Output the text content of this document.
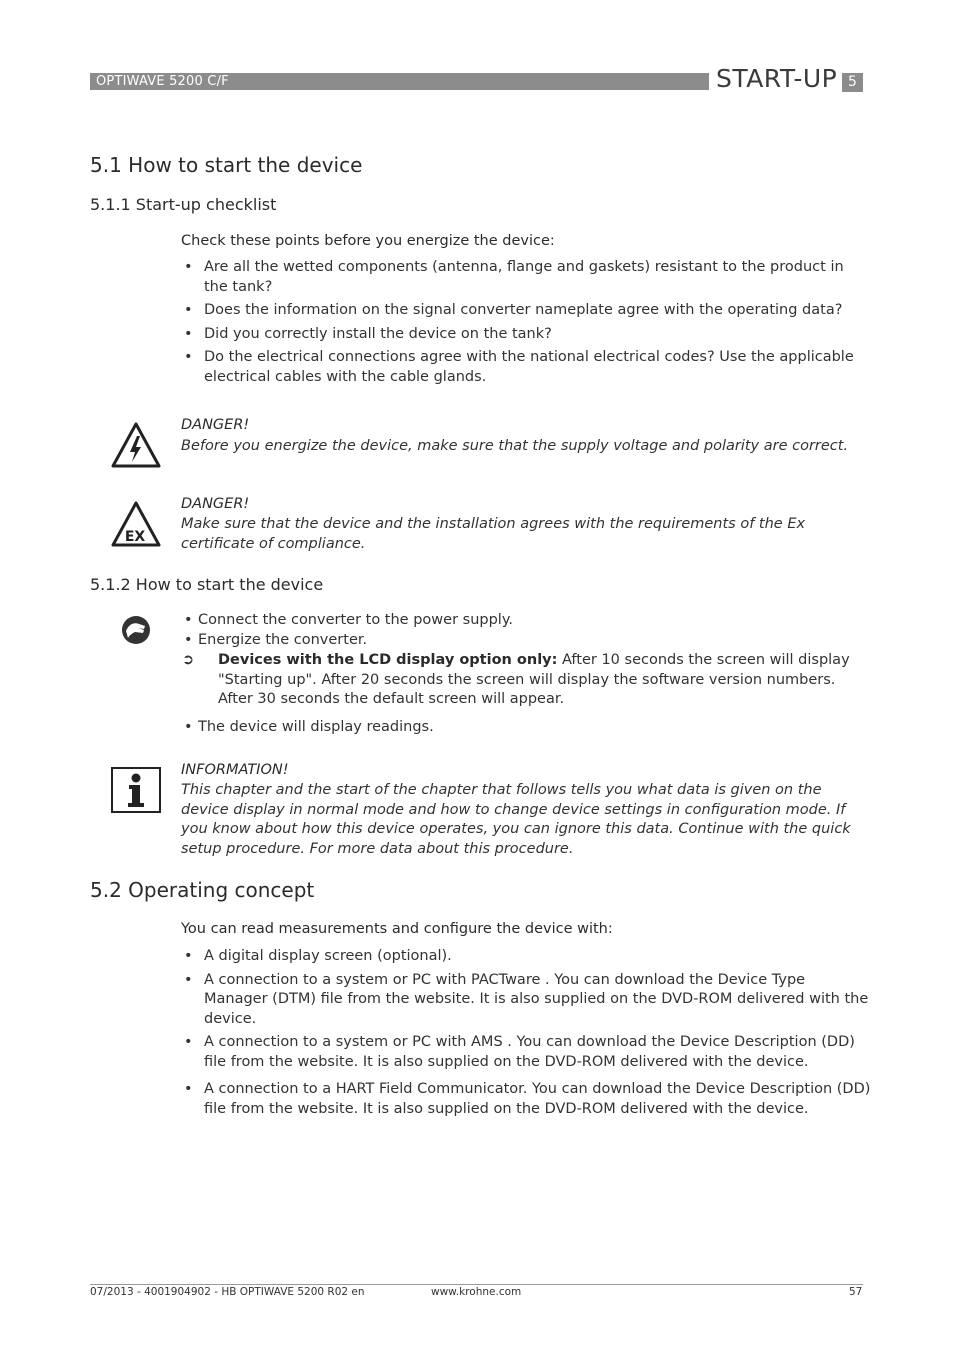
OPTIWAVE 5200 C/F	START-UP 5
5.1 How to start the device
5.1.1 Start-up checklist
Check these points before you energize the device:
• Are all the wetted components (antenna, flange and gaskets) resistant to the product in the tank?
• Does the information on the signal converter nameplate agree with the operating data?
• Did you correctly install the device on the tank?
• Do the electrical connections agree with the national electrical codes? Use the applicable electrical cables with the cable glands.
DANGER!
Before you energize the device, make sure that the supply voltage and polarity are correct.
EX
DANGER!
Make sure that the device and the installation agrees with the requirements of the Ex certificate of compliance.
5.1.2 How to start the device
• Connect the converter to the power supply.
• Energize the converter.
➲ Devices with the LCD display option only: After 10 seconds the screen will display "Starting up". After 20 seconds the screen will display the software version numbers. After 30 seconds the default screen will appear.
• The device will display readings.
INFORMATION!
This chapter and the start of the chapter that follows tells you what data is given on the device display in normal mode and how to change device settings in configuration mode. If you know about how this device operates, you can ignore this data. Continue with the quick setup procedure. For more data about this procedure.
5.2 Operating concept
You can read measurements and configure the device with:
• A digital display screen (optional).
• A connection to a system or PC with PACTware . You can download the Device Type Manager (DTM) file from the website. It is also supplied on the DVD-ROM delivered with the device.
• A connection to a system or PC with AMS . You can download the Device Description (DD) file from the website. It is also supplied on the DVD-ROM delivered with the device.
• A connection to a HART Field Communicator. You can download the Device Description (DD) file from the website. It is also supplied on the DVD-ROM delivered with the device.
07/2013 - 4001904902 - HB OPTIWAVE 5200 R02 en	www.krohne.com	57
